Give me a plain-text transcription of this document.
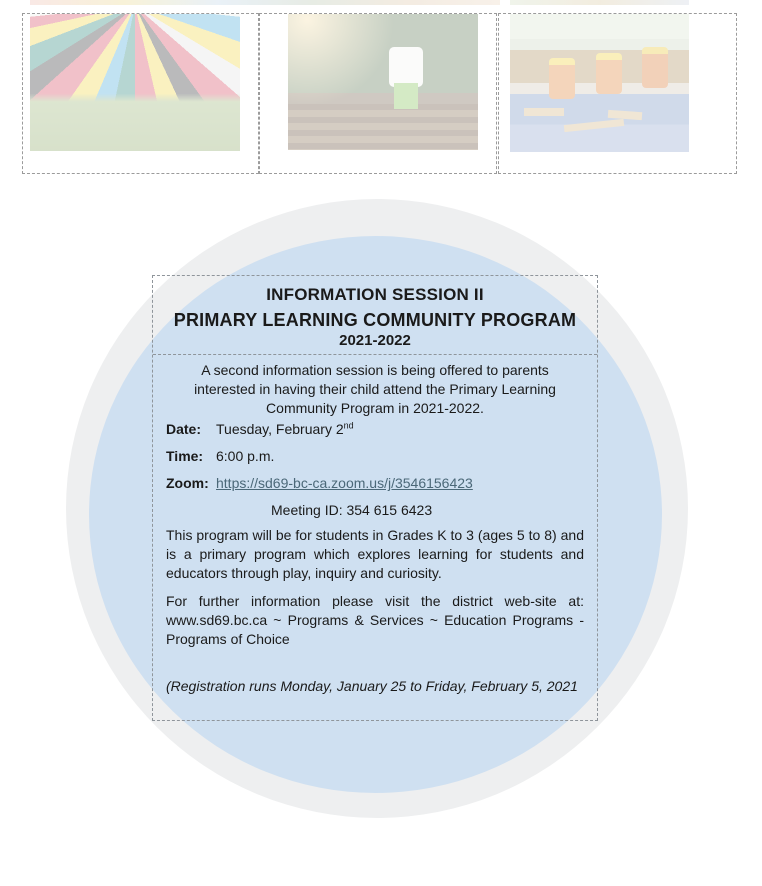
INFORMATION SESSION II
PRIMARY LEARNING COMMUNITY PROGRAM
2021-2022

A second information session is being offered to parents interested in having their child attend the Primary Learning Community Program in 2021-2022.

Date:	Tuesday, February 2nd
Time: 6:00 p.m.
Zoom: https://sd69-bc-ca.zoom.us/j/3546156423
Meeting ID: 354 615 6423

This program will be for students in Grades K to 3 (ages 5 to 8) and is a primary program which explores learning for students and educators through play, inquiry and curiosity.

For further information please visit the district web-site at: www.sd69.bc.ca ~ Programs & Services ~ Education Programs - Programs of Choice

(Registration runs Monday, January 25 to Friday, February 5, 2021
